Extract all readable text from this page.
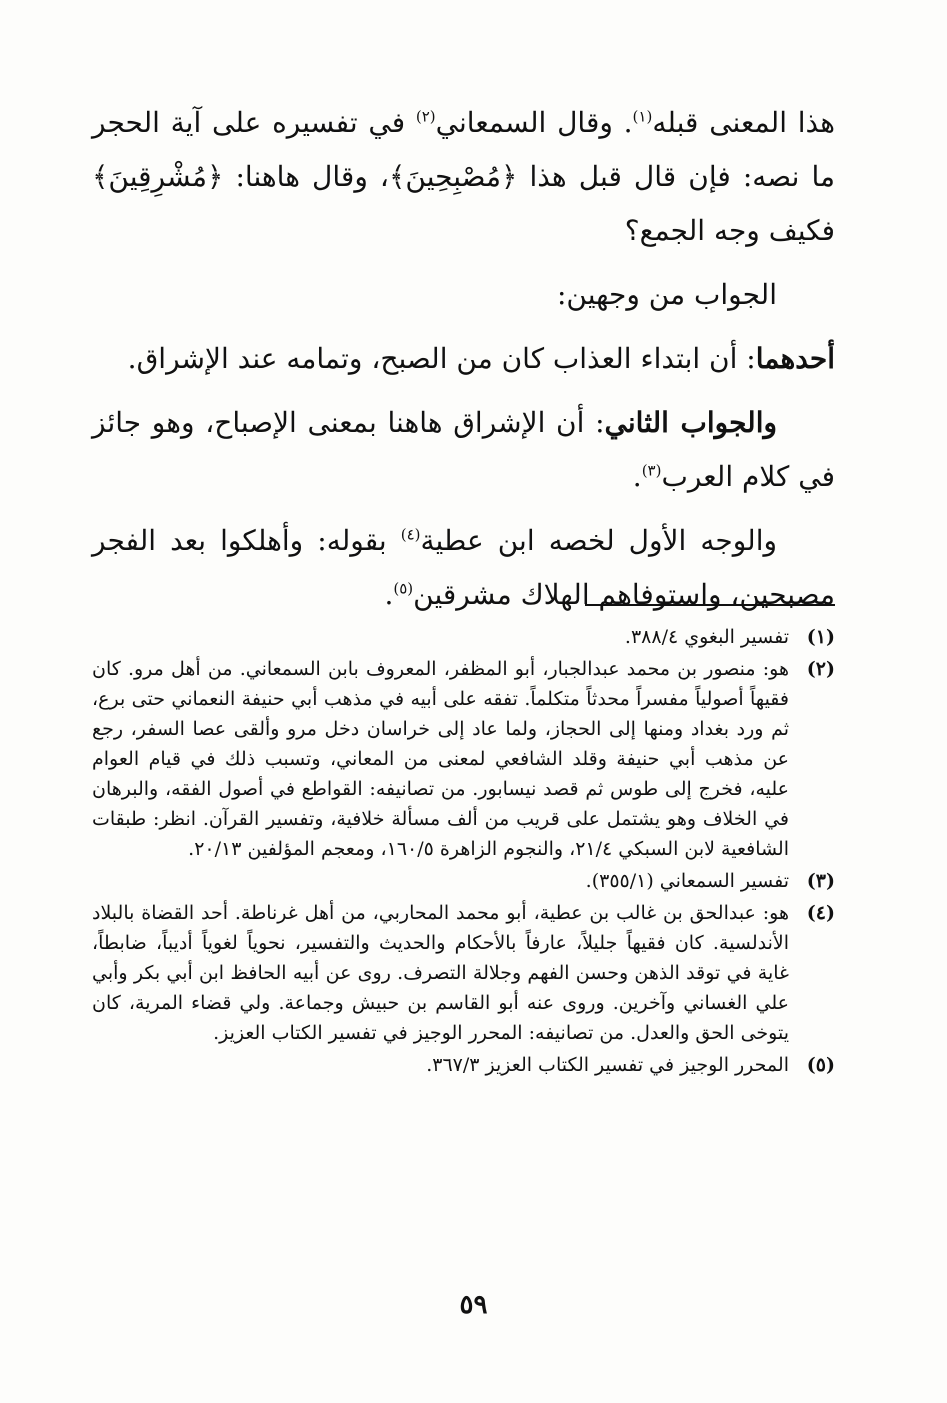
هذا المعنى قبله$^{(١)}$. وقال السمعاني$^{(٢)}$ في تفسيره على آية الحجر ما نصه: فإن قال قبل هذا ﴿مُصْبِحِينَ﴾، وقال هاهنا: ﴿مُشْرِقِينَ﴾ فكيف وجه الجمع؟

الجواب من وجهين:

أحدهما: أن ابتداء العذاب كان من الصبح، وتمامه عند الإشراق.

والجواب الثاني: أن الإشراق هاهنا بمعنى الإصباح، وهو جائز في كلام العرب$^{(٣)}$.

والوجه الأول لخصه ابن عطية$^{(٤)}$ بقوله: وأهلكوا بعد الفجر مصبحين، واستوفاهم الهلاك مشرقين$^{(٥)}$.

(١)
تفسير البغوي ٣٨٨/٤.
(٢)
هو: منصور بن محمد عبدالجبار، أبو المظفر، المعروف بابن السمعاني. من أهل مرو. كان فقيهاً أصولياً مفسراً محدثاً متكلماً. تفقه على أبيه في مذهب أبي حنيفة النعماني حتى برع، ثم ورد بغداد ومنها إلى الحجاز، ولما عاد إلى خراسان دخل مرو وألقى عصا السفر، رجع عن مذهب أبي حنيفة وقلد الشافعي لمعنى من المعاني، وتسبب ذلك في قيام العوام عليه، فخرج إلى طوس ثم قصد نيسابور. من تصانيفه: القواطع في أصول الفقه، والبرهان في الخلاف وهو يشتمل على قريب من ألف مسألة خلافية، وتفسير القرآن. انظر: طبقات الشافعية لابن السبكي ٢١/٤، والنجوم الزاهرة ١٦٠/٥، ومعجم المؤلفين ٢٠/١٣.
(٣)
تفسير السمعاني (٣٥٥/١).
(٤)
هو: عبدالحق بن غالب بن عطية، أبو محمد المحاربي، من أهل غرناطة. أحد القضاة بالبلاد الأندلسية. كان فقيهاً جليلاً، عارفاً بالأحكام والحديث والتفسير، نحوياً لغوياً أديباً، ضابطاً، غاية في توقد الذهن وحسن الفهم وجلالة التصرف. روى عن أبيه الحافظ ابن أبي بكر وأبي علي الغساني وآخرين. وروى عنه أبو القاسم بن حبيش وجماعة. ولي قضاء المرية، كان يتوخى الحق والعدل. من تصانيفه: المحرر الوجيز في تفسير الكتاب العزيز.
(٥)
المحرر الوجيز في تفسير الكتاب العزيز ٣٦٧/٣.
٥٩
